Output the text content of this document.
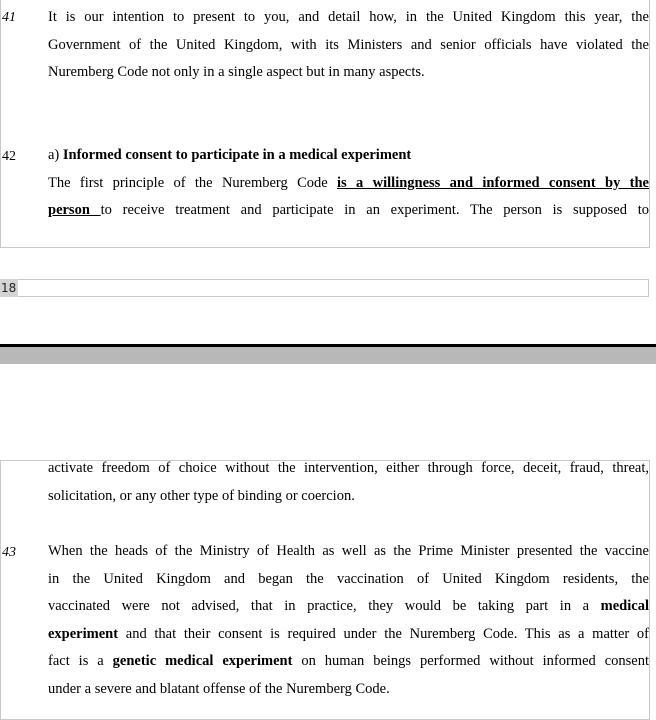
41 It is our intention to present to you, and detail how, in the United Kingdom this year, the
Government of the United Kingdom, with its Ministers and senior officials have violated the
Nuremberg Code not only in a single aspect but in many aspects.
42 a) Informed consent to participate in a medical experiment
The first principle of the Nuremberg Code is a willingness and informed consent by the
person to receive treatment and participate in an experiment. The person is supposed to
18
activate freedom of choice without the intervention, either through force, deceit, fraud, threat,
solicitation, or any other type of binding or coercion.
43 When the heads of the Ministry of Health as well as the Prime Minister presented the vaccine
in the United Kingdom and began the vaccination of United Kingdom residents, the
vaccinated were not advised, that in practice, they would be taking part in a medical
experiment and that their consent is required under the Nuremberg Code. This as a matter of
fact is a genetic medical experiment on human beings performed without informed consent
under a severe and blatant offense of the Nuremberg Code.
